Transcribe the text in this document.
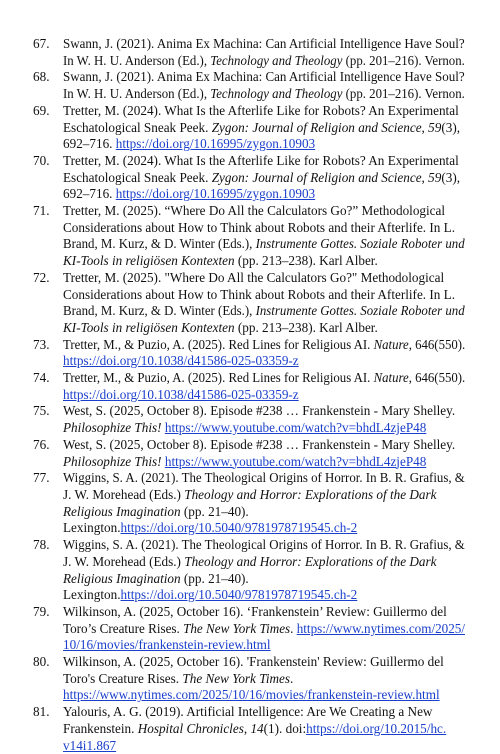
67. Swann, J. (2021). Anima Ex Machina: Can Artificial Intelligence Have Soul?
In W. H. U. Anderson (Ed.), Technology and Theology (pp. 201–216). Vernon.
68. Swann, J. (2021). Anima Ex Machina: Can Artificial Intelligence Have Soul?
In W. H. U. Anderson (Ed.), Technology and Theology (pp. 201–216). Vernon.
69. Tretter, M. (2024). What Is the Afterlife Like for Robots? An Experimental
Eschatological Sneak Peek. Zygon: Journal of Religion and Science, 59(3),
692–716. https://doi.org/10.16995/zygon.10903
70. Tretter, M. (2024). What Is the Afterlife Like for Robots? An Experimental
Eschatological Sneak Peek. Zygon: Journal of Religion and Science, 59(3),
692–716. https://doi.org/10.16995/zygon.10903
71. Tretter, M. (2025). “Where Do All the Calculators Go?” Methodological
Considerations about How to Think about Robots and their Afterlife. In L.
Brand, M. Kurz, & D. Winter (Eds.), Instrumente Gottes. Soziale Roboter und
KI-Tools in religiösen Kontexten (pp. 213–238). Karl Alber.
72. Tretter, M. (2025). "Where Do All the Calculators Go?" Methodological
Considerations about How to Think about Robots and their Afterlife. In L.
Brand, M. Kurz, & D. Winter (Eds.), Instrumente Gottes. Soziale Roboter und
KI-Tools in religiösen Kontexten (pp. 213–238). Karl Alber.
73. Tretter, M., & Puzio, A. (2025). Red Lines for Religious AI. Nature, 646(550).
https://doi.org/10.1038/d41586-025-03359-z
74. Tretter, M., & Puzio, A. (2025). Red Lines for Religious AI. Nature, 646(550).
https://doi.org/10.1038/d41586-025-03359-z
75. West, S. (2025, October 8). Episode #238 … Frankenstein - Mary Shelley.
Philosophize This! https://www.youtube.com/watch?v=bhdL4zjeP48
76. West, S. (2025, October 8). Episode #238 … Frankenstein - Mary Shelley.
Philosophize This! https://www.youtube.com/watch?v=bhdL4zjeP48
77. Wiggins, S. A. (2021). The Theological Origins of Horror. In B. R. Grafius, &
J. W. Morehead (Eds.) Theology and Horror: Explorations of the Dark
Religious Imagination (pp. 21–40).
Lexington.https://doi.org/10.5040/9781978719545.ch-2
78. Wiggins, S. A. (2021). The Theological Origins of Horror. In B. R. Grafius, &
J. W. Morehead (Eds.) Theology and Horror: Explorations of the Dark
Religious Imagination (pp. 21–40).
Lexington.https://doi.org/10.5040/9781978719545.ch-2
79. Wilkinson, A. (2025, October 16). ‘Frankenstein’ Review: Guillermo del
Toro’s Creature Rises. The New York Times. https://www.nytimes.com/2025/
10/16/movies/frankenstein-review.html
80. Wilkinson, A. (2025, October 16). 'Frankenstein' Review: Guillermo del
Toro's Creature Rises. The New York Times.
https://www.nytimes.com/2025/10/16/movies/frankenstein-review.html
81. Yalouris, A. G. (2019). Artificial Intelligence: Are We Creating a New
Frankenstein. Hospital Chronicles, 14(1). doi:https://doi.org/10.2015/hc.
v14i1.867
